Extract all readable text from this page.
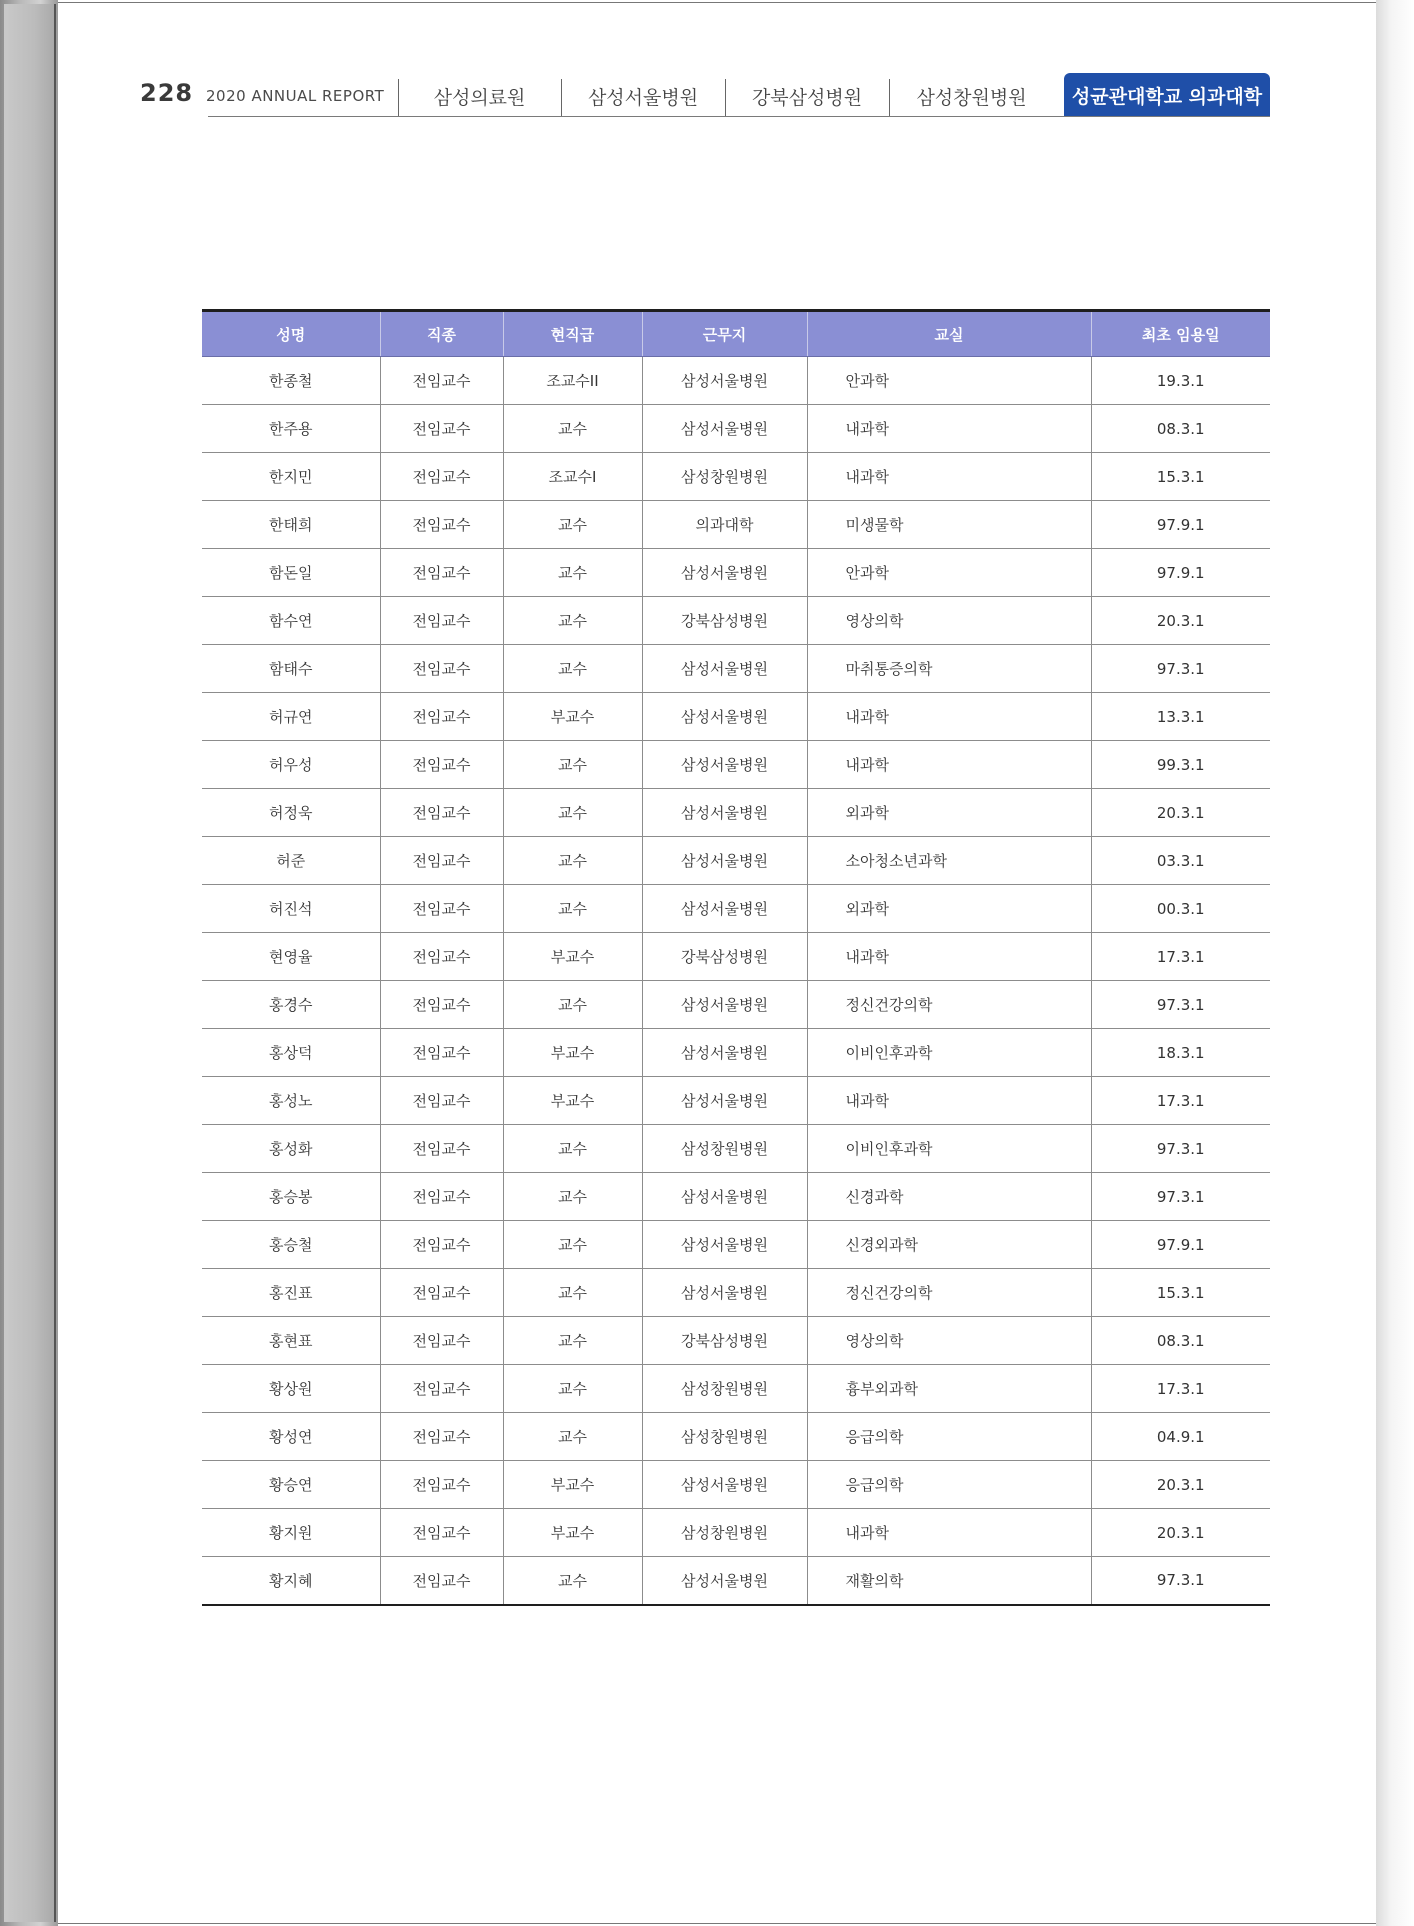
228 2020 ANNUAL REPORT	삼성의료원	삼성서울병원	강북삼성병원	삼성창원병원	성균관대학교 의과대학
성명	직종	현직급	근무지	교실	최초 임용일
한종철	전임교수	조교수II	삼성서울병원	안과학	19.3.1
한주용	전임교수	교수	삼성서울병원	내과학	08.3.1
한지민	전임교수	조교수I	삼성창원병원	내과학	15.3.1
한태희	전임교수	교수	의과대학	미생물학	97.9.1
함돈일	전임교수	교수	삼성서울병원	안과학	97.9.1
함수연	전임교수	교수	강북삼성병원	영상의학	20.3.1
함태수	전임교수	교수	삼성서울병원	마취통증의학	97.3.1
허규연	전임교수	부교수	삼성서울병원	내과학	13.3.1
허우성	전임교수	교수	삼성서울병원	내과학	99.3.1
허정욱	전임교수	교수	삼성서울병원	외과학	20.3.1
허준	전임교수	교수	삼성서울병원	소아청소년과학	03.3.1
허진석	전임교수	교수	삼성서울병원	외과학	00.3.1
현영율	전임교수	부교수	강북삼성병원	내과학	17.3.1
홍경수	전임교수	교수	삼성서울병원	정신건강의학	97.3.1
홍상덕	전임교수	부교수	삼성서울병원	이비인후과학	18.3.1
홍성노	전임교수	부교수	삼성서울병원	내과학	17.3.1
홍성화	전임교수	교수	삼성창원병원	이비인후과학	97.3.1
홍승봉	전임교수	교수	삼성서울병원	신경과학	97.3.1
홍승철	전임교수	교수	삼성서울병원	신경외과학	97.9.1
홍진표	전임교수	교수	삼성서울병원	정신건강의학	15.3.1
홍현표	전임교수	교수	강북삼성병원	영상의학	08.3.1
황상원	전임교수	교수	삼성창원병원	흉부외과학	17.3.1
황성연	전임교수	교수	삼성창원병원	응급의학	04.9.1
황승연	전임교수	부교수	삼성서울병원	응급의학	20.3.1
황지원	전임교수	부교수	삼성창원병원	내과학	20.3.1
황지혜	전임교수	교수	삼성서울병원	재활의학	97.3.1
